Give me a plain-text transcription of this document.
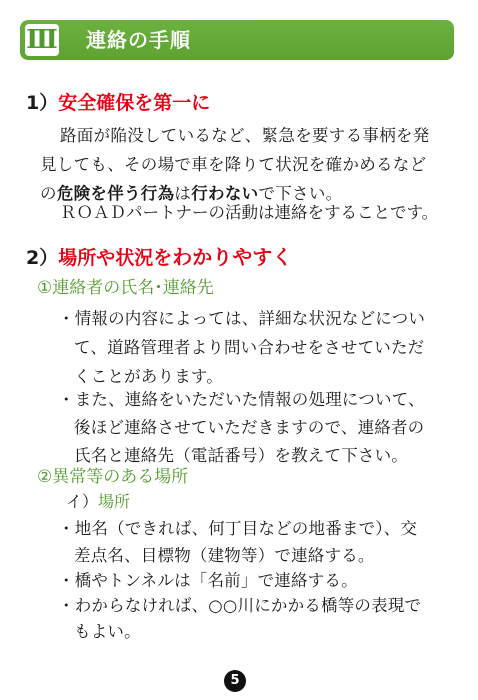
Ⅲ 連絡の手順
1）安全確保を第一に
路面が陥没しているなど、緊急を要する事柄を発
見しても、その場で車を降りて状況を確かめるなど
の危険を伴う行為は行わないで下さい。
ＲＯＡＤパートナーの活動は連絡をすることです。
2）場所や状況をわかりやすく
①連絡者の氏名･連絡先
・情報の内容によっては、詳細な状況などについ
て、道路管理者より問い合わせをさせていただ
くことがあります。
・また、連絡をいただいた情報の処理について、
後ほど連絡させていただきますので、連絡者の
氏名と連絡先（電話番号）を教えて下さい。
②異常等のある場所
イ）場所
・地名（できれば、何丁目などの地番まで）、交
差点名、目標物（建物等）で連絡する。
・橋やトンネルは「名前」で連絡する。
・わからなければ、○○川にかかる橋等の表現で
もよい。
5
